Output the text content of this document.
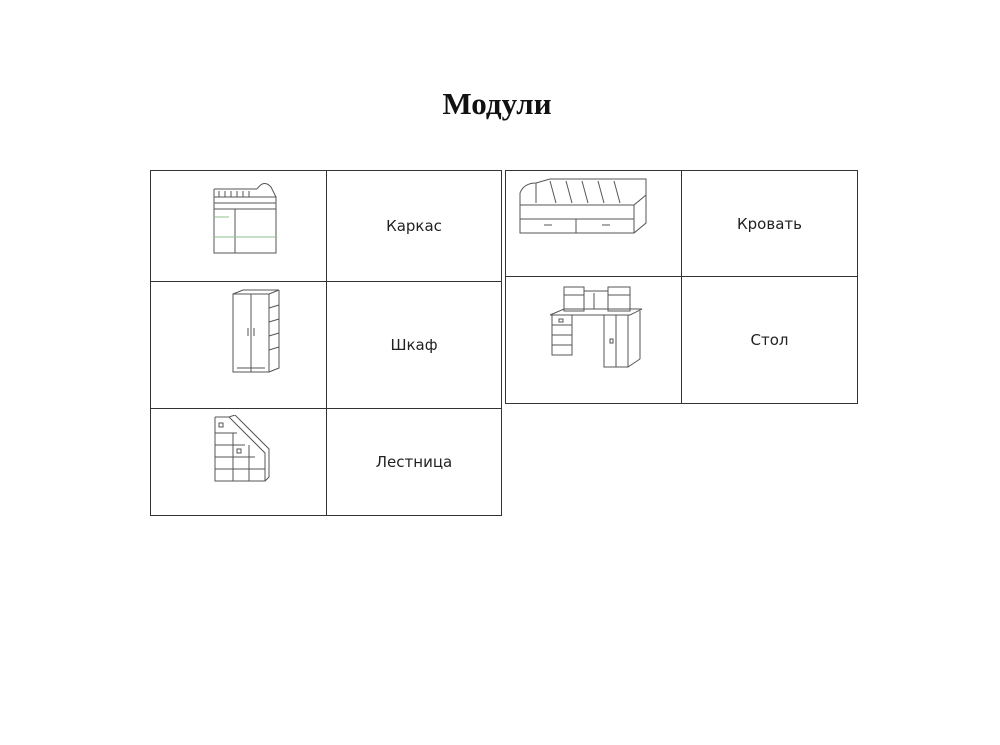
Модули
	Каркас

	Шкаф

	Лестница
	Кровать

	Стол
